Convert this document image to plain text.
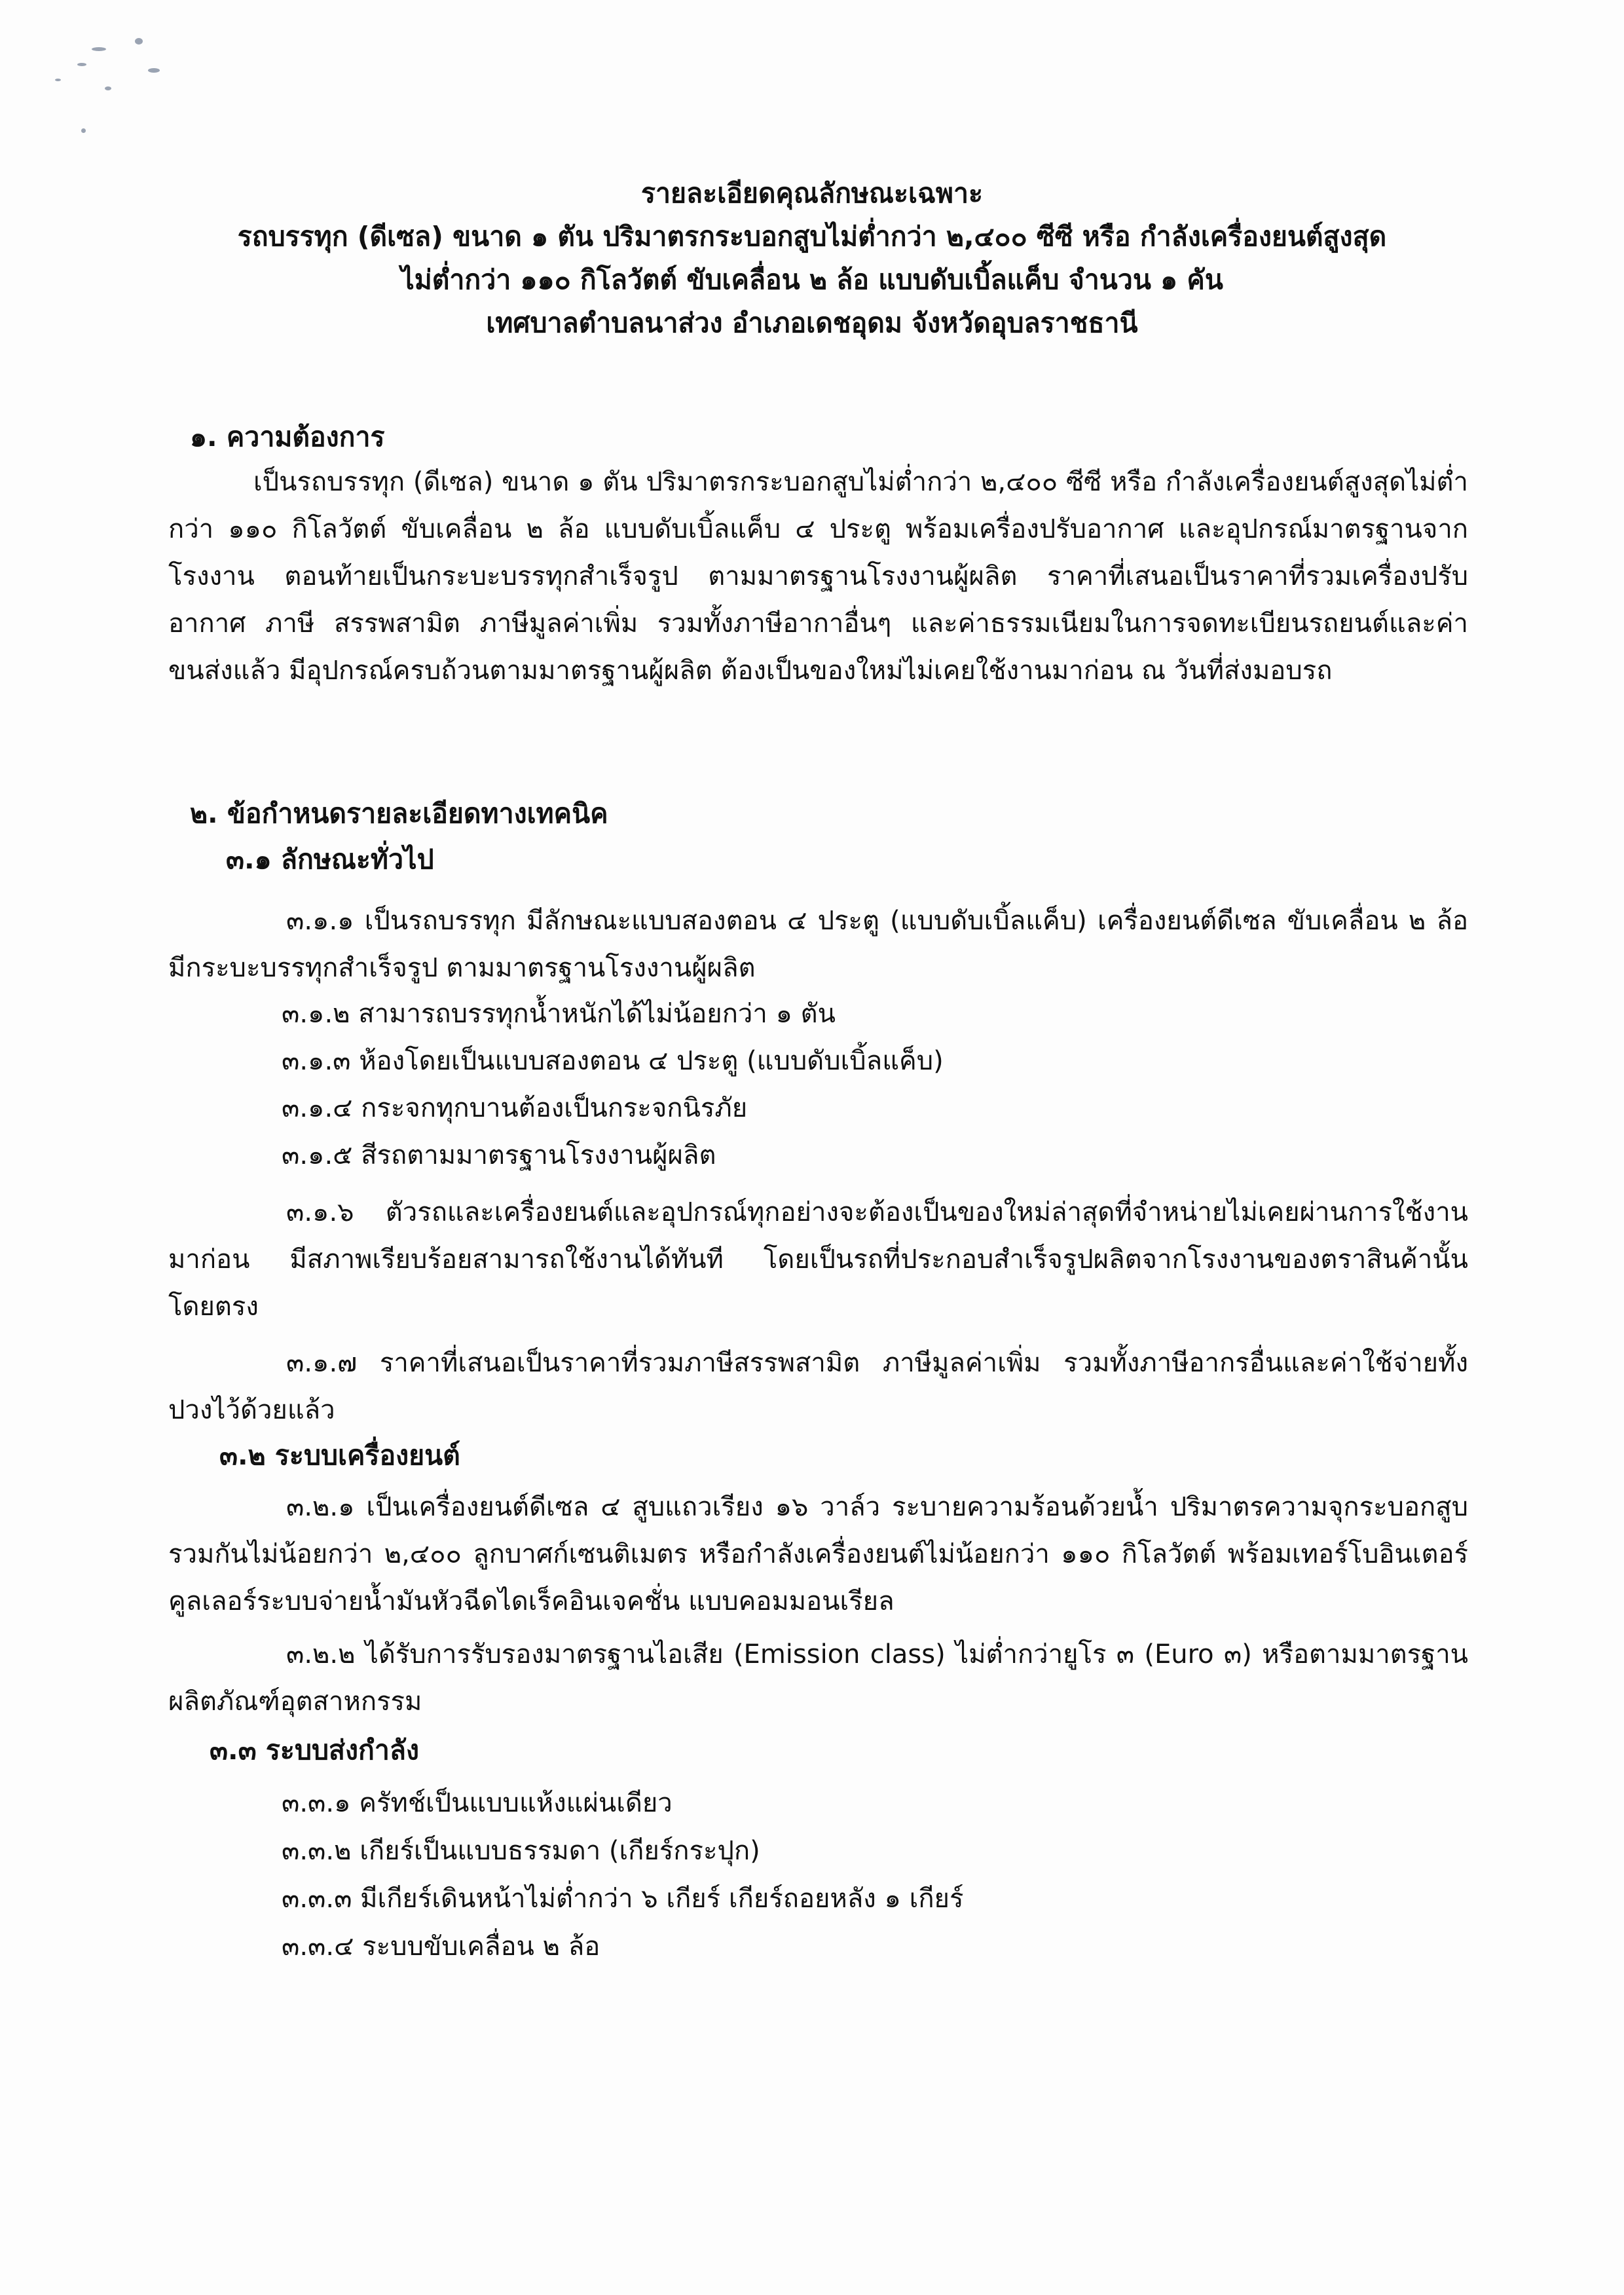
รายละเอียดคุณลักษณะเฉพาะ
รถบรรทุก (ดีเซล) ขนาด ๑ ตัน ปริมาตรกระบอกสูบไม่ต่ำกว่า ๒,๔๐๐ ซีซี หรือ กำลังเครื่องยนต์สูงสุด
ไม่ต่ำกว่า ๑๑๐ กิโลวัตต์ ขับเคลื่อน ๒ ล้อ แบบดับเบิ้ลแค็บ จำนวน ๑ คัน
เทศบาลตำบลนาส่วง อำเภอเดชอุดม จังหวัดอุบลราชธานี
๑. ความต้องการ
เป็นรถบรรทุก (ดีเซล) ขนาด ๑ ตัน ปริมาตรกระบอกสูบไม่ต่ำกว่า ๒,๔๐๐ ซีซี หรือ กำลังเครื่องยนต์สูงสุดไม่ต่ำกว่า ๑๑๐ กิโลวัตต์ ขับเคลื่อน ๒ ล้อ แบบดับเบิ้ลแค็บ ๔ ประตู พร้อมเครื่องปรับอากาศ และอุปกรณ์มาตรฐานจากโรงงาน ตอนท้ายเป็นกระบะบรรทุกสำเร็จรูป ตามมาตรฐานโรงงานผู้ผลิต ราคาที่เสนอเป็นราคาที่รวมเครื่องปรับอากาศ ภาษี สรรพสามิต ภาษีมูลค่าเพิ่ม รวมทั้งภาษีอากาอื่นๆ และค่าธรรมเนียมในการจดทะเบียนรถยนต์และค่าขนส่งแล้ว มีอุปกรณ์ครบถ้วนตามมาตรฐานผู้ผลิต ต้องเป็นของใหม่ไม่เคยใช้งานมาก่อน ณ วันที่ส่งมอบรถ
๒. ข้อกำหนดรายละเอียดทางเทคนิค
๓.๑ ลักษณะทั่วไป
๓.๑.๑ เป็นรถบรรทุก มีลักษณะแบบสองตอน ๔ ประตู (แบบดับเบิ้ลแค็บ) เครื่องยนต์ดีเซล ขับเคลื่อน ๒ ล้อ มีกระบะบรรทุกสำเร็จรูป ตามมาตรฐานโรงงานผู้ผลิต
๓.๑.๒ สามารถบรรทุกน้ำหนักได้ไม่น้อยกว่า ๑ ตัน
๓.๑.๓ ห้องโดยเป็นแบบสองตอน ๔ ประตู (แบบดับเบิ้ลแค็บ)
๓.๑.๔ กระจกทุกบานต้องเป็นกระจกนิรภัย
๓.๑.๕ สีรถตามมาตรฐานโรงงานผู้ผลิต
๓.๑.๖ ตัวรถและเครื่องยนต์และอุปกรณ์ทุกอย่างจะต้องเป็นของใหม่ล่าสุดที่จำหน่ายไม่เคยผ่านการใช้งานมาก่อน มีสภาพเรียบร้อยสามารถใช้งานได้ทันที โดยเป็นรถที่ประกอบสำเร็จรูปผลิตจากโรงงานของตราสินค้านั้นโดยตรง
๓.๑.๗ ราคาที่เสนอเป็นราคาที่รวมภาษีสรรพสามิต ภาษีมูลค่าเพิ่ม รวมทั้งภาษีอากรอื่นและค่าใช้จ่ายทั้งปวงไว้ด้วยแล้ว
๓.๒ ระบบเครื่องยนต์
๓.๒.๑ เป็นเครื่องยนต์ดีเซล ๔ สูบแถวเรียง ๑๖ วาล์ว ระบายความร้อนด้วยน้ำ ปริมาตรความจุกระบอกสูบรวมกันไม่น้อยกว่า ๒,๔๐๐ ลูกบาศก์เซนติเมตร หรือกำลังเครื่องยนต์ไม่น้อยกว่า ๑๑๐ กิโลวัตต์ พร้อมเทอร์โบอินเตอร์คูลเลอร์ระบบจ่ายน้ำมันหัวฉีดไดเร็คอินเจคชั่น แบบคอมมอนเรียล
๓.๒.๒ ได้รับการรับรองมาตรฐานไอเสีย (Emission class) ไม่ต่ำกว่ายูโร ๓ (Euro ๓) หรือตามมาตรฐานผลิตภัณฑ์อุตสาหกรรม
๓.๓ ระบบส่งกำลัง
๓.๓.๑ ครัทช์เป็นแบบแห้งแผ่นเดียว
๓.๓.๒ เกียร์เป็นแบบธรรมดา (เกียร์กระปุก)
๓.๓.๓ มีเกียร์เดินหน้าไม่ต่ำกว่า ๖ เกียร์ เกียร์ถอยหลัง ๑ เกียร์
๓.๓.๔ ระบบขับเคลื่อน ๒ ล้อ
